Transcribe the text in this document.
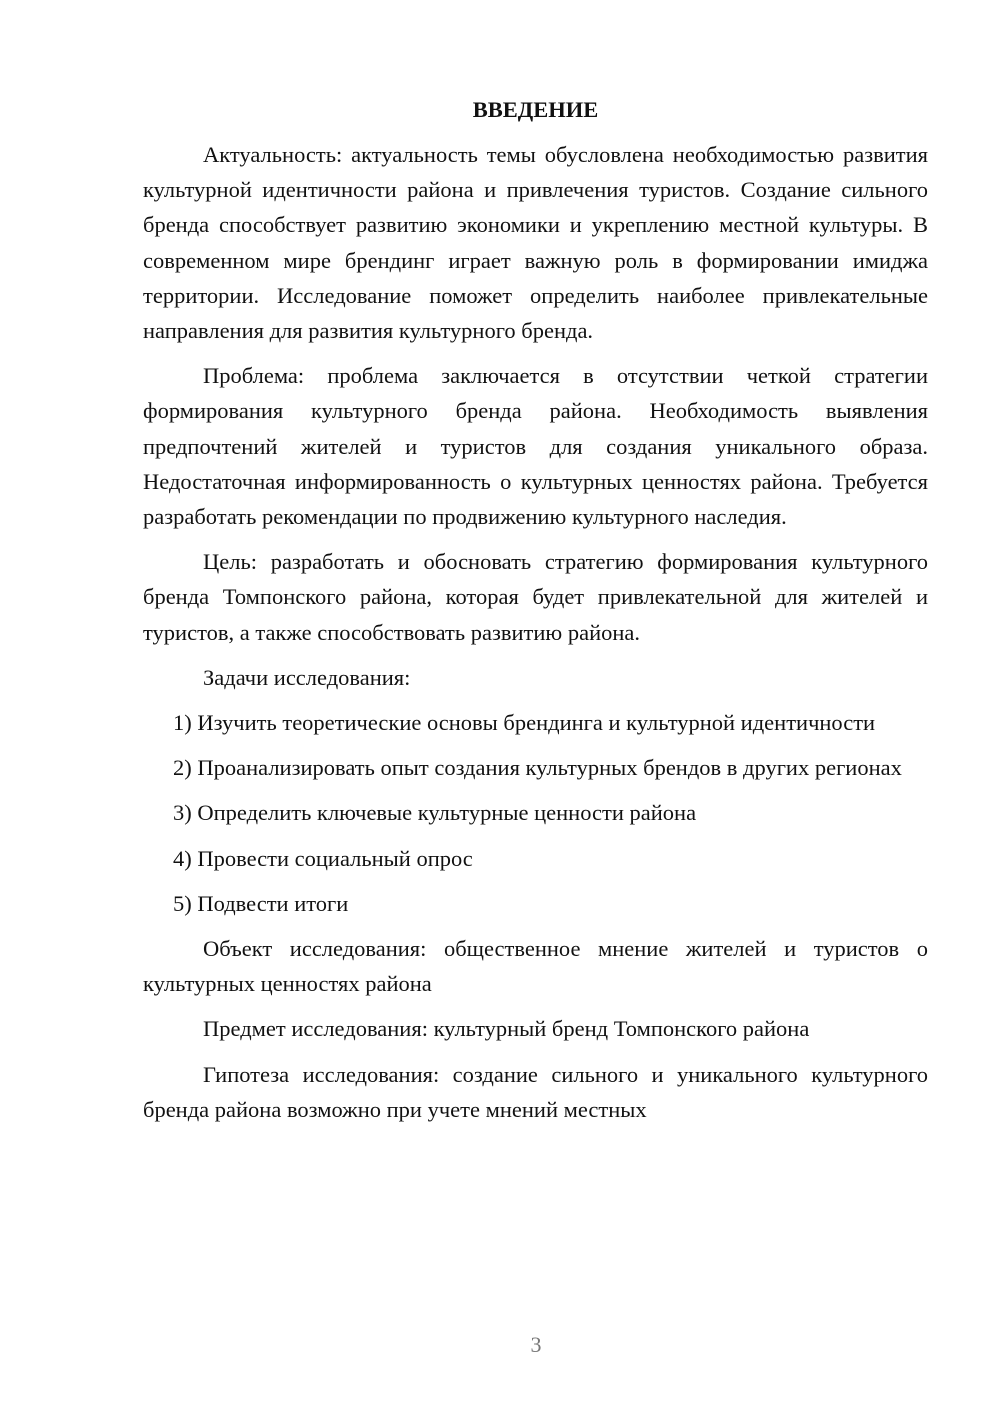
ВВЕДЕНИЕ

Актуальность: актуальность темы обусловлена необходимостью развития культурной идентичности района и привлечения туристов. Создание сильного бренда способствует развитию экономики и укреплению местной культуры. В современном мире брендинг играет важную роль в формировании имиджа территории. Исследование поможет определить наиболее привлекательные направления для развития культурного бренда.

Проблема: проблема заключается в отсутствии четкой стратегии формирования культурного бренда района. Необходимость выявления предпочтений жителей и туристов для создания уникального образа. Недостаточная информированность о культурных ценностях района. Требуется разработать рекомендации по продвижению культурного наследия.

Цель: разработать и обосновать стратегию формирования культурного бренда Томпонского района, которая будет привлекательной для жителей и туристов, а также способствовать развитию района.

Задачи исследования:

1) Изучить теоретические основы брендинга и культурной идентичности

2) Проанализировать опыт создания культурных брендов в других регионах

3) Определить ключевые культурные ценности района

4) Провести социальный опрос

5) Подвести итоги

Объект исследования: общественное мнение жителей и туристов о культурных ценностях района

Предмет исследования: культурный бренд Томпонского района

Гипотеза исследования: создание сильного и уникального культурного бренда района возможно при учете мнений местных

3
